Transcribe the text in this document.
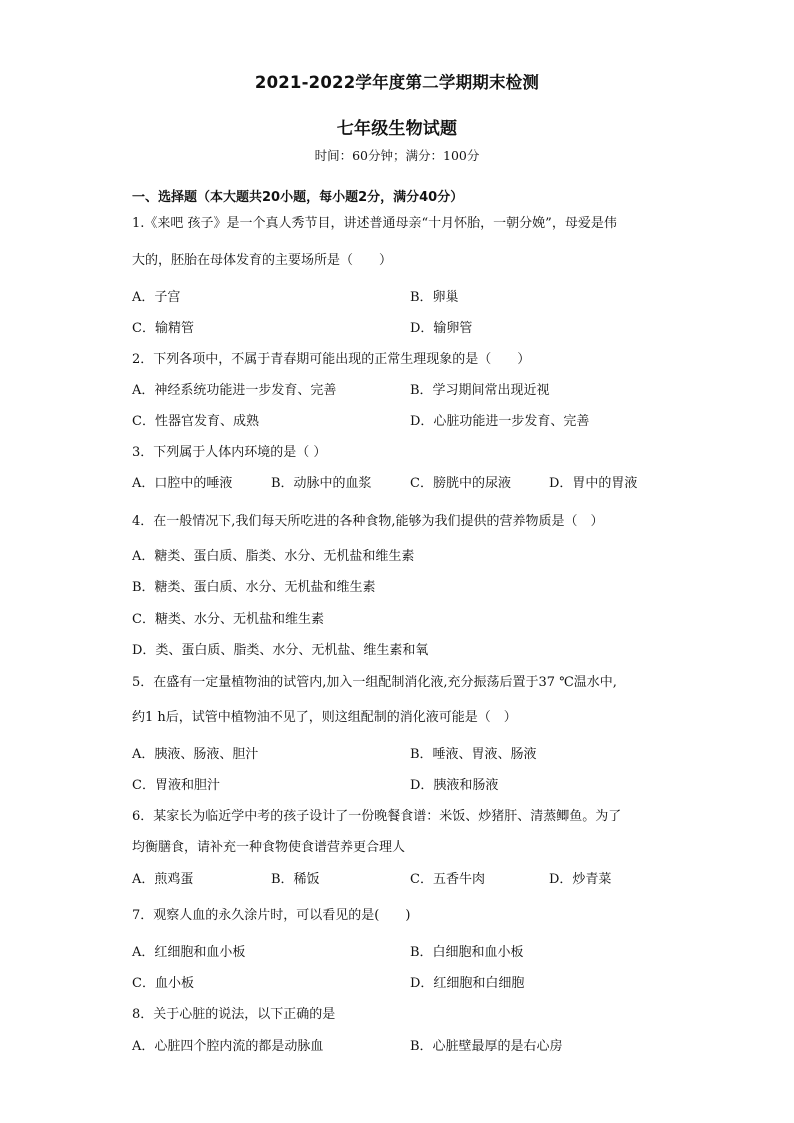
2021-2022学年度第二学期期末检测
七年级生物试题
时间：60分钟；满分：100分
一、选择题（本大题共20小题，每小题2分，满分40分）
1.《来吧 孩子》是一个真人秀节目，讲述普通母亲“十月怀胎，一朝分娩”，母爱是伟
大的，胚胎在母体发育的主要场所是（　　）
A．子宫	B．卵巢
C．输精管	D．输卵管
2．下列各项中，不属于青春期可能出现的正常生理现象的是（　　）
A．神经系统功能进一步发育、完善	B．学习期间常出现近视
C．性器官发育、成熟	D．心脏功能进一步发育、完善
3．下列属于人体内环境的是（ ）
A．口腔中的唾液	B．动脉中的血浆	C．膀胱中的尿液	D．胃中的胃液
4．在一般情况下,我们每天所吃进的各种食物,能够为我们提供的营养物质是（　）
A．糖类、蛋白质、脂类、水分、无机盐和维生素
B．糖类、蛋白质、水分、无机盐和维生素
C．糖类、水分、无机盐和维生素
D．类、蛋白质、脂类、水分、无机盐、维生素和氧
5．在盛有一定量植物油的试管内,加入一组配制消化液,充分振荡后置于37 ℃温水中,
约1 h后，试管中植物油不见了，则这组配制的消化液可能是（　）
A．胰液、肠液、胆汁	B．唾液、胃液、肠液
C．胃液和胆汁	D．胰液和肠液
6．某家长为临近学中考的孩子设计了一份晚餐食谱：米饭、炒猪肝、清蒸鲫鱼。为了
均衡膳食，请补充一种食物使食谱营养更合理人
A．煎鸡蛋	B．稀饭	C．五香牛肉	D．炒青菜
7．观察人血的永久涂片时，可以看见的是(　　)
A．红细胞和血小板	B．白细胞和血小板
C．血小板	D．红细胞和白细胞
8．关于心脏的说法，以下正确的是
A．心脏四个腔内流的都是动脉血	B．心脏壁最厚的是右心房
